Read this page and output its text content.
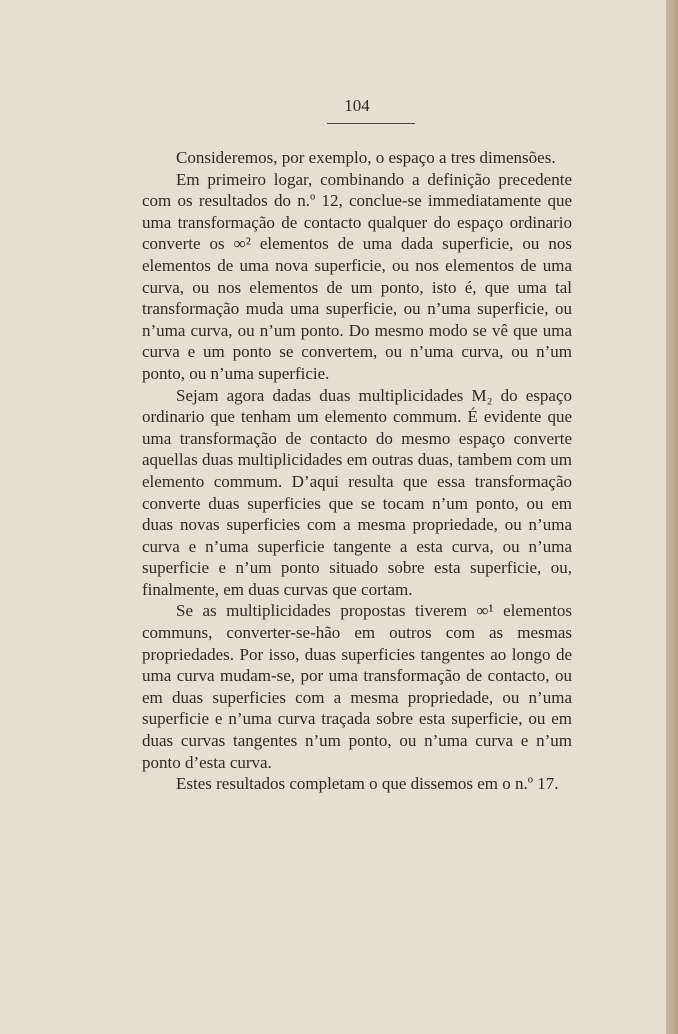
104

Consideremos, por exemplo, o espaço a tres dimensões.

Em primeiro logar, combinando a definição precedente com os resultados do n.º 12, conclue-se immediatamente que uma transformação de contacto qualquer do espaço ordinario converte os ∞² elementos de uma dada superficie, ou nos elementos de uma nova superficie, ou nos elementos de uma curva, ou nos elementos de um ponto, isto é, que uma tal transformação muda uma superficie, ou n’uma superficie, ou n’uma curva, ou n’um ponto. Do mesmo modo se vê que uma curva e um ponto se convertem, ou n’uma curva, ou n’um ponto, ou n’uma superficie.

Sejam agora dadas duas multiplicidades M₂ do espaço ordinario que tenham um elemento commum. É evidente que uma transformação de contacto do mesmo espaço converte aquellas duas multiplicidades em outras duas, tambem com um elemento commum. D’aqui resulta que essa transformação converte duas superficies que se tocam n’um ponto, ou em duas novas superficies com a mesma propriedade, ou n’uma curva e n’uma superficie tangente a esta curva, ou n’uma superficie e n’um ponto situado sobre esta superficie, ou, finalmente, em duas curvas que cortam.

Se as multiplicidades propostas tiverem ∞¹ elementos communs, converter-se-hão em outros com as mesmas propriedades. Por isso, duas superficies tangentes ao longo de uma curva mudam-se, por uma transformação de contacto, ou em duas superficies com a mesma propriedade, ou n’uma superficie e n’uma curva traçada sobre esta superficie, ou em duas curvas tangentes n’um ponto, ou n’uma curva e n’um ponto d’esta curva.

Estes resultados completam o que dissemos em o n.º 17.
